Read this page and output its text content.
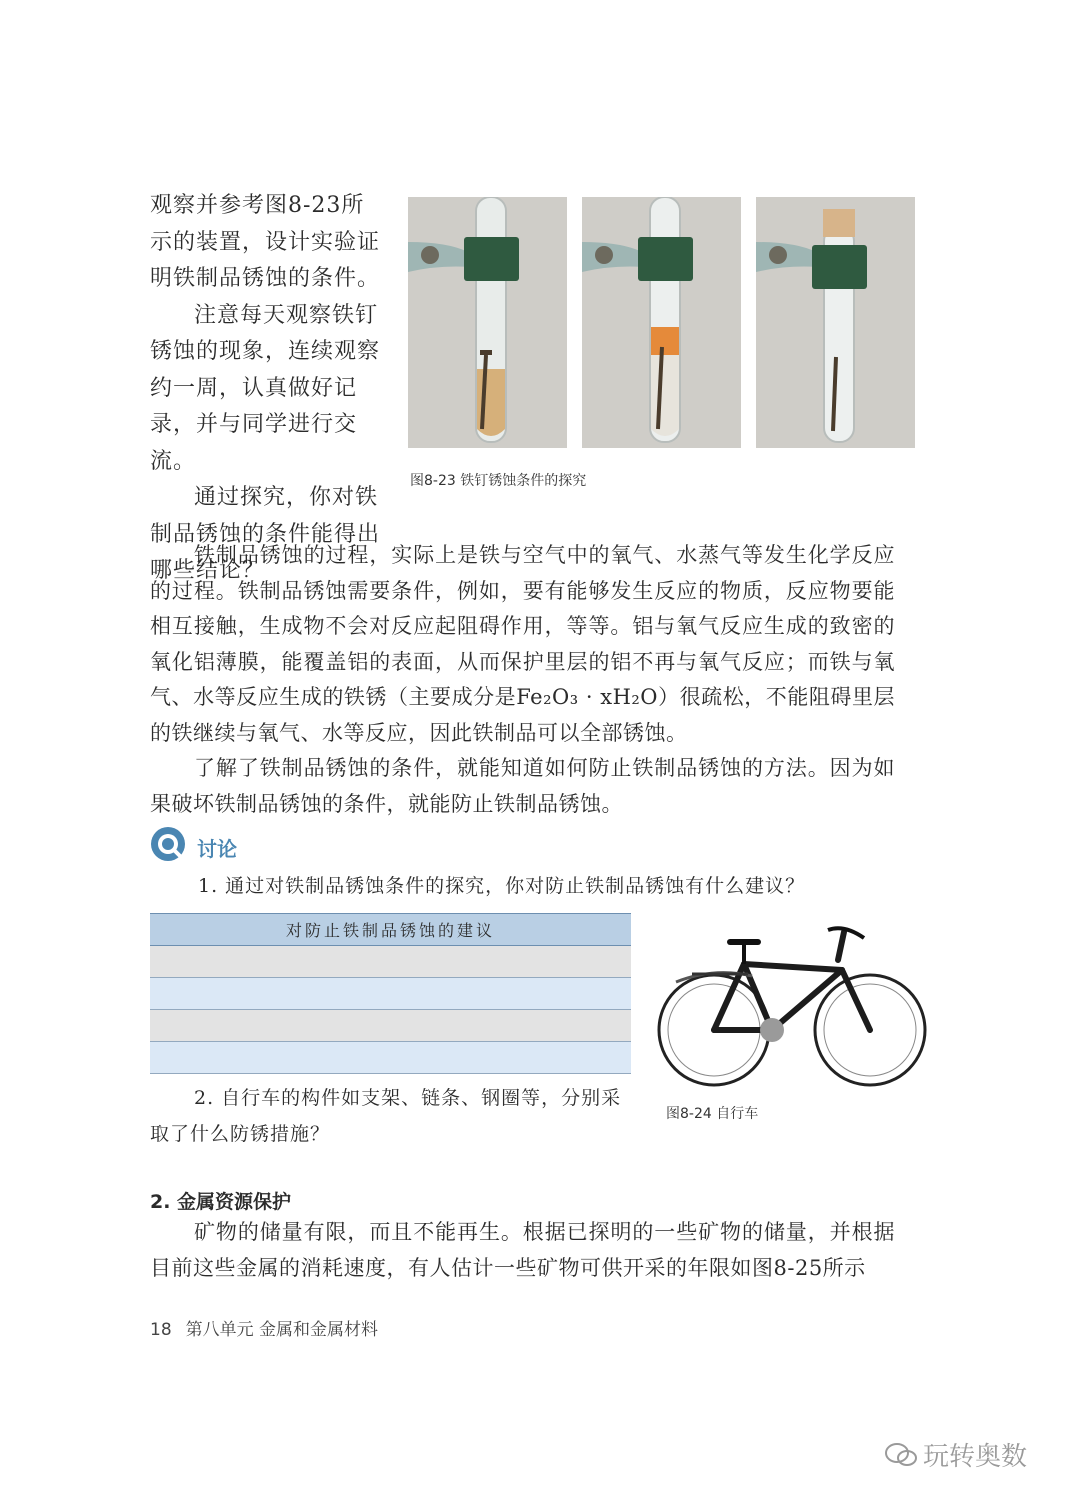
观察并参考图8-23所示的装置，设计实验证明铁制品锈蚀的条件。

注意每天观察铁钉锈蚀的现象，连续观察约一周，认真做好记录，并与同学进行交流。

通过探究，你对铁制品锈蚀的条件能得出哪些结论？

图8-23 铁钉锈蚀条件的探究

铁制品锈蚀的过程，实际上是铁与空气中的氧气、水蒸气等发生化学反应的过程。铁制品锈蚀需要条件，例如，要有能够发生反应的物质，反应物要能相互接触，生成物不会对反应起阻碍作用，等等。铝与氧气反应生成的致密的氧化铝薄膜，能覆盖铝的表面，从而保护里层的铝不再与氧气反应；而铁与氧气、水等反应生成的铁锈（主要成分是Fe₂O₃ · xH₂O）很疏松，不能阻碍里层的铁继续与氧气、水等反应，因此铁制品可以全部锈蚀。

了解了铁制品锈蚀的条件，就能知道如何防止铁制品锈蚀的方法。因为如果破坏铁制品锈蚀的条件，就能防止铁制品锈蚀。

讨论
1. 通过对铁制品锈蚀条件的探究，你对防止铁制品锈蚀有什么建议？
对防止铁制品锈蚀的建议

2. 自行车的构件如支架、链条、钢圈等，分别采取了什么防锈措施？

图8-24 自行车
2. 金属资源保护

矿物的储量有限，而且不能再生。根据已探明的一些矿物的储量，并根据目前这些金属的消耗速度，有人估计一些矿物可供开采的年限如图8-25所示

18 第八单元 金属和金属材料
玩转奥数
